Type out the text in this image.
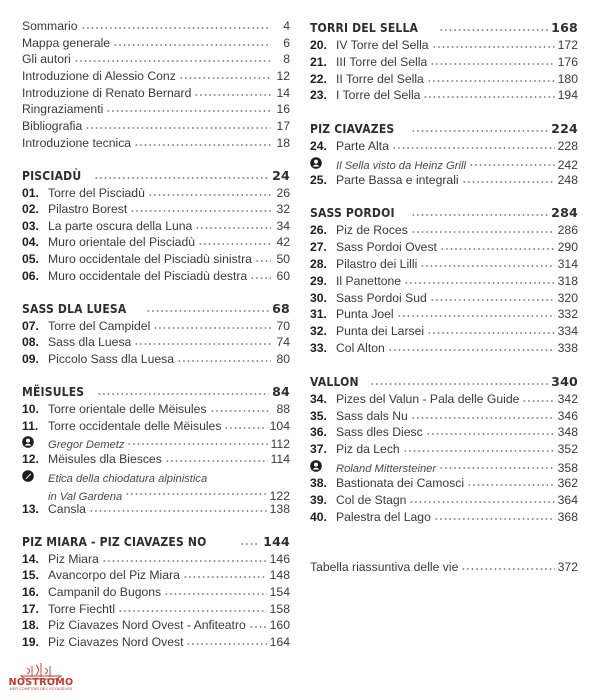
Sommario	4
Mappa generale	6
Gli autori	8
Introduzione di Alessio Conz	12
Introduzione di Renato Bernard	14
Ringraziamenti	16
Bibliografia	17
Introduzione tecnica	18
PISCIADÙ	24
01. Torre del Pisciadù	26
02. Pilastro Borest	32
03. La parte oscura della Luna	34
04. Muro orientale del Pisciadù	42
05. Muro occidentale del Pisciadù sinistra 50
06. Muro occidentale del Pisciadù destra 60
SASS DLA LUESA	68
07. Torre del Campidel	70
08. Sass dla Luesa	74
09. Piccolo Sass dla Luesa	80
MËISULES	84
10. Torre orientale delle Mëisules	88
11. Torre occidentale delle Mëisules	104
Gregor Demetz	112
12. Mëisules dla Biesces	114
Etica della chiodatura alpinistica
in Val Gardena	122
13. Cansla	138
PIZ MIARA - PIZ CIAVAZES NO	144
14. Piz Miara	146
15. Avancorpo del Piz Miara	148
16. Campanil do Bugons	154
17. Torre Fiechtl	158
18. Piz Ciavazes Nord Ovest - Anfiteatro 160
19. Piz Ciavazes Nord Ovest	164
TORRI DEL SELLA	168
20. IV Torre del Sella	172
21. III Torre del Sella	176
22. II Torre del Sella	180
23. I Torre del Sella	194
PIZ CIAVAZES	224
24. Parte Alta	228
Il Sella visto da Heinz Grill	242
25. Parte Bassa e integrali	248
SASS PORDOI	284
26. Piz de Roces	286
27. Sass Pordoi Ovest	290
28. Pilastro dei Lilli	314
29. Il Panettone	318
30. Sass Pordoi Sud	320
31. Punta Joel	332
32. Punta dei Larsei	334
33. Col Alton	338
VALLON	340
34. Pizes del Valun - Pala delle Guide	342
35. Sass dals Nu	346
36. Sass dles Diesc	348
37. Piz da Lech	352
Roland Mittersteiner	358
38. Bastionata dei Camosci	362
39. Col de Stagn	364
40. Palestra del Lago	368
Tabella riassuntiva delle vie	372
NOSTROMO
MER COMPTOIR DES VOYAGEURS
